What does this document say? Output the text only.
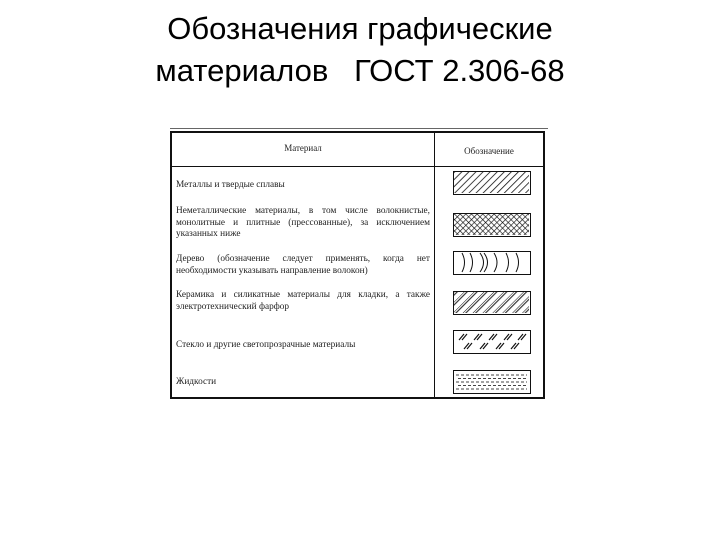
Обозначения графические
материалов   ГОСТ 2.306-68
Материал	Обозначение
Металлы и твердые сплавы
Неметаллические материалы, в том числе волокнистые, монолитные и плитные (прессованные), за исключением указанных ниже
Дерево (обозначение следует применять, когда нет необходимости указывать направление волокон)
Керамика и силикатные материалы для кладки, а также электротехнический фарфор
Стекло и другие светопрозрачные материалы
Жидкости
